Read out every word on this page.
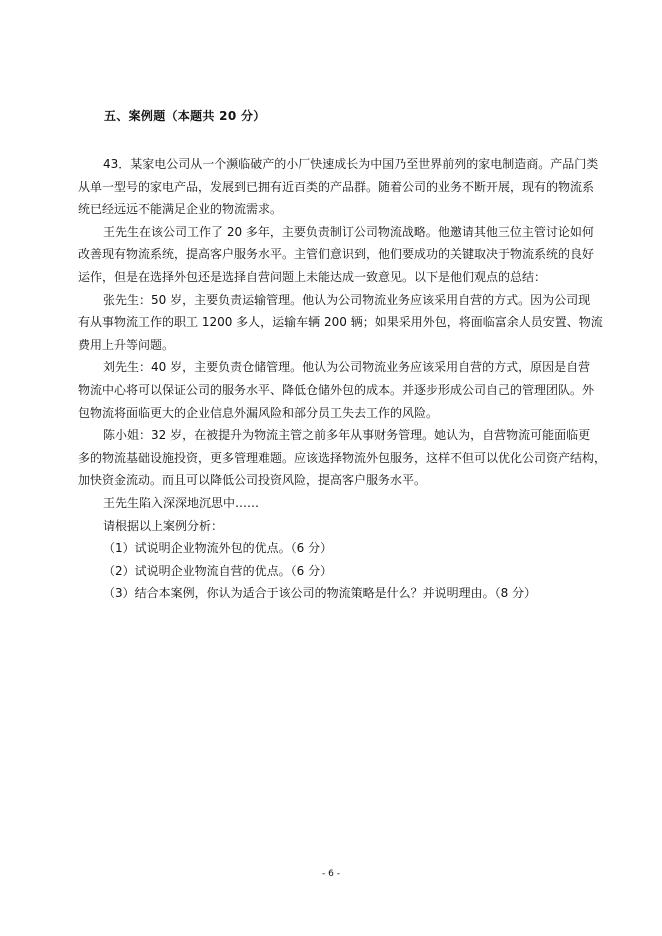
五、案例题（本题共 20 分）

43．某家电公司从一个濒临破产的小厂快速成长为中国乃至世界前列的家电制造商。产品门类
从单一型号的家电产品，发展到已拥有近百类的产品群。随着公司的业务不断开展，现有的物流系
统已经远远不能满足企业的物流需求。

王先生在该公司工作了 20 多年，主要负责制订公司物流战略。他邀请其他三位主管讨论如何
改善现有物流系统，提高客户服务水平。主管们意识到，他们要成功的关键取决于物流系统的良好
运作，但是在选择外包还是选择自营问题上未能达成一致意见。以下是他们观点的总结：

张先生：50 岁，主要负责运输管理。他认为公司物流业务应该采用自营的方式。因为公司现
有从事物流工作的职工 1200 多人，运输车辆 200 辆；如果采用外包，将面临富余人员安置、物流
费用上升等问题。

刘先生：40 岁，主要负责仓储管理。他认为公司物流业务应该采用自营的方式，原因是自营
物流中心将可以保证公司的服务水平、降低仓储外包的成本。并逐步形成公司自己的管理团队。外
包物流将面临更大的企业信息外漏风险和部分员工失去工作的风险。

陈小姐：32 岁，在被提升为物流主管之前多年从事财务管理。她认为，自营物流可能面临更
多的物流基础设施投资，更多管理难题。应该选择物流外包服务，这样不但可以优化公司资产结构，
加快资金流动。而且可以降低公司投资风险，提高客户服务水平。

王先生陷入深深地沉思中……

请根据以上案例分析：

（1）试说明企业物流外包的优点。（6 分）

（2）试说明企业物流自营的优点。（6 分）

（3）结合本案例，你认为适合于该公司的物流策略是什么？并说明理由。（8 分）

- 6 -
